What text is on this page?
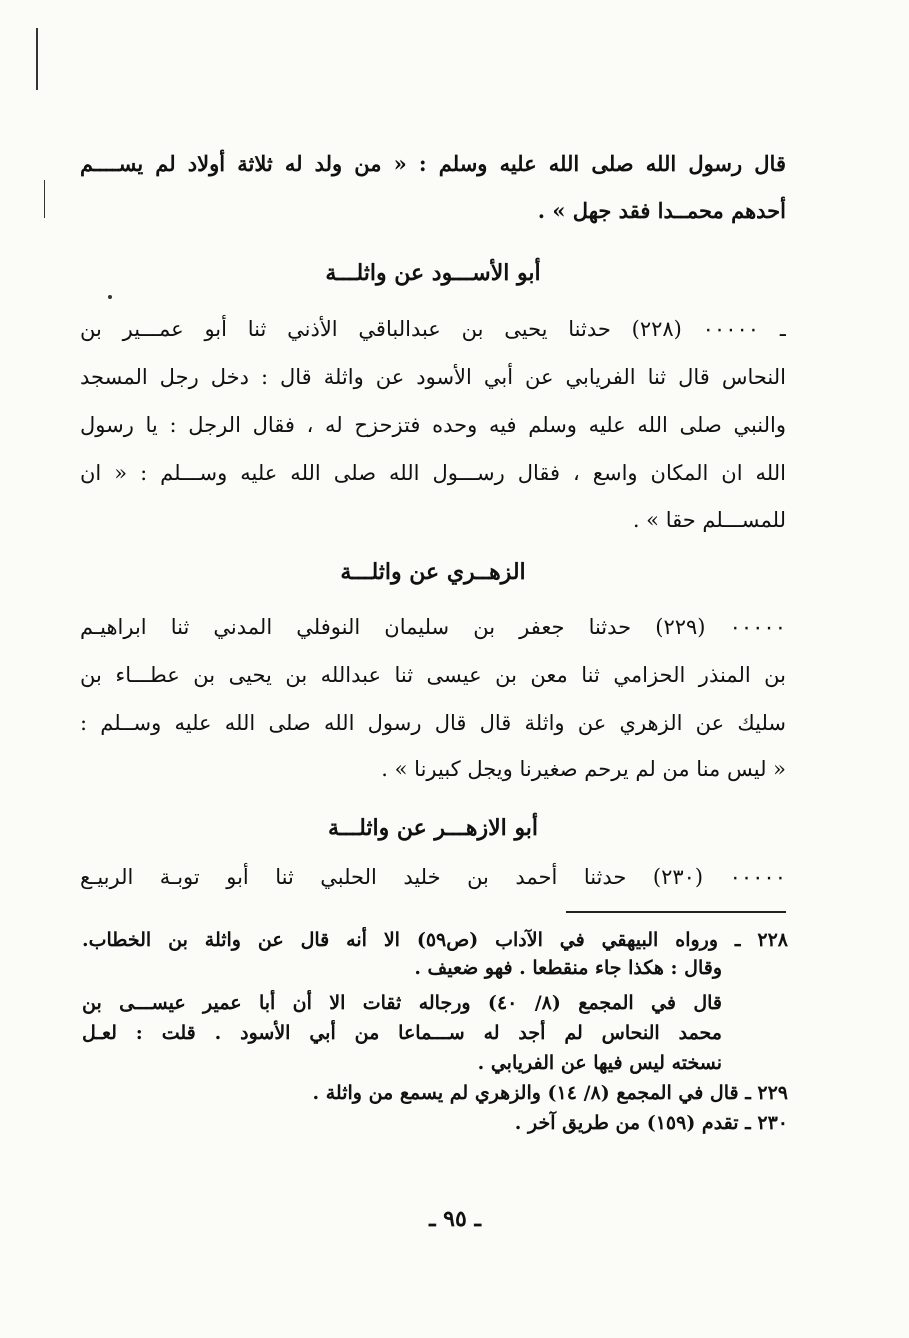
قال رسول الله صلى الله عليه وسلم : « من ولد له ثلاثة أولاد لم يســــم
أحدهم محمــدا فقد جهل » .
أبو الأســـود عن واثلـــة
ـ ٠٠٠٠٠ (٢٢٨) حدثنا يحيى بن عبدالباقي الأذني ثنا أبو عمـــير بن
النحاس قال ثنا الفريابي عن أبي الأسود عن واثلة قال : دخل رجل المسجد
والنبي صلى الله عليه وسلم فيه وحده فتزحزح له ، فقال الرجل : يا رسول
الله ان المكان واسع ، فقال رســـول الله صلى الله عليه وســـلم : « ان
للمســـلم حقا » .
الزهــري عن واثلـــة
٠٠٠٠٠ (٢٢٩) حدثنا جعفر بن سليمان النوفلي المدني ثنا ابراهيـم
بن المنذر الحزامي ثنا معن بن عيسى ثنا عبدالله بن يحيى بن عطـــاء بن
سليك عن الزهري عن واثلة قال قال رسول الله صلى الله عليه وســلم :
« ليس منا من لم يرحم صغيرنا ويجل كبيرنا » .
أبو الازهـــر عن واثلـــة
٠٠٠٠٠ (٢٣٠) حدثنا أحمد بن خليد الحلبي ثنا أبو توبـة الربيـع
٢٢٨ ـ ورواه البيهقي في الآداب (ص٥٩) الا أنه قال عن واثلة بن الخطاب.
وقال : هكذا جاء منقطعا . فهو ضعيف .
قال في المجمع (٨/ ٤٠) ورجاله ثقات الا أن أبا عمير عيســـى بن
محمد النحاس لم أجد له ســـماعا من أبي الأسود . قلت : لعـل
نسخته ليس فيها عن الفريابي .
٢٢٩ ـ قال في المجمع (٨/ ١٤) والزهري لم يسمع من واثلة .
٢٣٠ ـ تقدم (١٥٩) من طريق آخر .
ـ ٩٥ ـ
